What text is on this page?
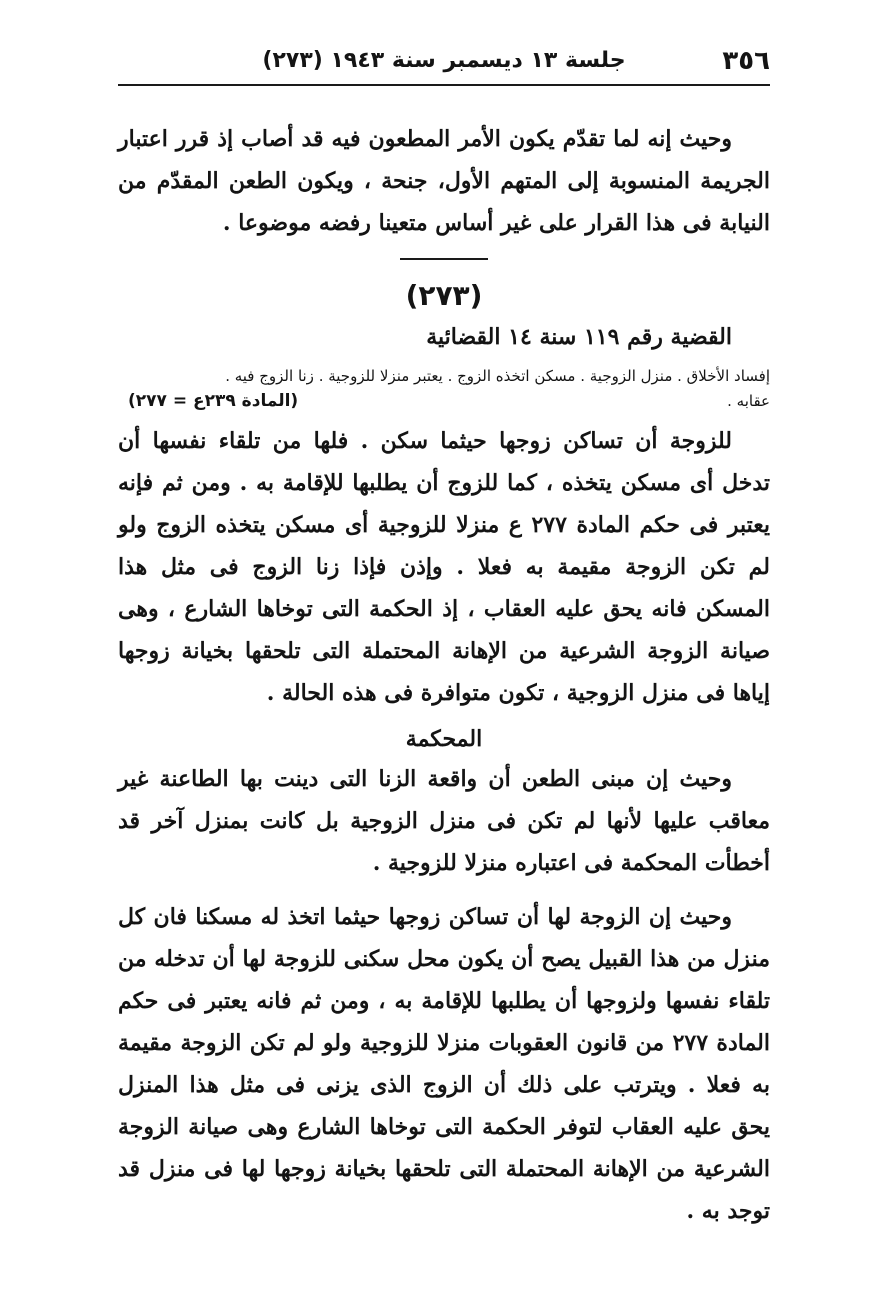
٣٥٦
جلسة ١٣ ديسمبر سنة ١٩٤٣ (٢٧٣)

وحيث إنه لما تقدّم يكون الأمر المطعون فيه قد أصاب إذ قرر اعتبار الجريمة المنسوبة إلى المتهم الأول، جنحة ، ويكون الطعن المقدّم من النيابة فى هذا القرار على غير أساس متعينا رفضه موضوعا .

(٢٧٣)

القضية رقم ١١٩ سنة ١٤ القضائية

إفساد الأخلاق . منزل الزوجية . مسكن اتخذه الزوج . يعتبر منزلا للزوجية . زنا الزوج فيه .
عقابه .
(المادة ٢٣٩ع = ٢٧٧)

للزوجة أن تساكن زوجها حيثما سكن . فلها من تلقاء نفسها أن تدخل أى مسكن يتخذه ، كما للزوج أن يطلبها للإقامة به . ومن ثم فإنه يعتبر فى حكم المادة ٢٧٧ ع منزلا للزوجية أى مسكن يتخذه الزوج ولو لم تكن الزوجة مقيمة به فعلا . وإذن فإذا زنا الزوج فى مثل هذا المسكن فانه يحق عليه العقاب ، إذ الحكمة التى توخاها الشارع ، وهى صيانة الزوجة الشرعية من الإهانة المحتملة التى تلحقها بخيانة زوجها إياها فى منزل الزوجية ، تكون متوافرة فى هذه الحالة .

المحكمة

وحيث إن مبنى الطعن أن واقعة الزنا التى دينت بها الطاعنة غير معاقب عليها لأنها لم تكن فى منزل الزوجية بل كانت بمنزل آخر قد أخطأت المحكمة فى اعتباره منزلا للزوجية .

وحيث إن الزوجة لها أن تساكن زوجها حيثما اتخذ له مسكنا فان كل منزل من هذا القبيل يصح أن يكون محل سكنى للزوجة لها أن تدخله من تلقاء نفسها ولزوجها أن يطلبها للإقامة به ، ومن ثم فانه يعتبر فى حكم المادة ٢٧٧ من قانون العقوبات منزلا للزوجية ولو لم تكن الزوجة مقيمة به فعلا . ويترتب على ذلك أن الزوج الذى يزنى فى مثل هذا المنزل يحق عليه العقاب لتوفر الحكمة التى توخاها الشارع وهى صيانة الزوجة الشرعية من الإهانة المحتملة التى تلحقها بخيانة زوجها لها فى منزل قد توجد به .
